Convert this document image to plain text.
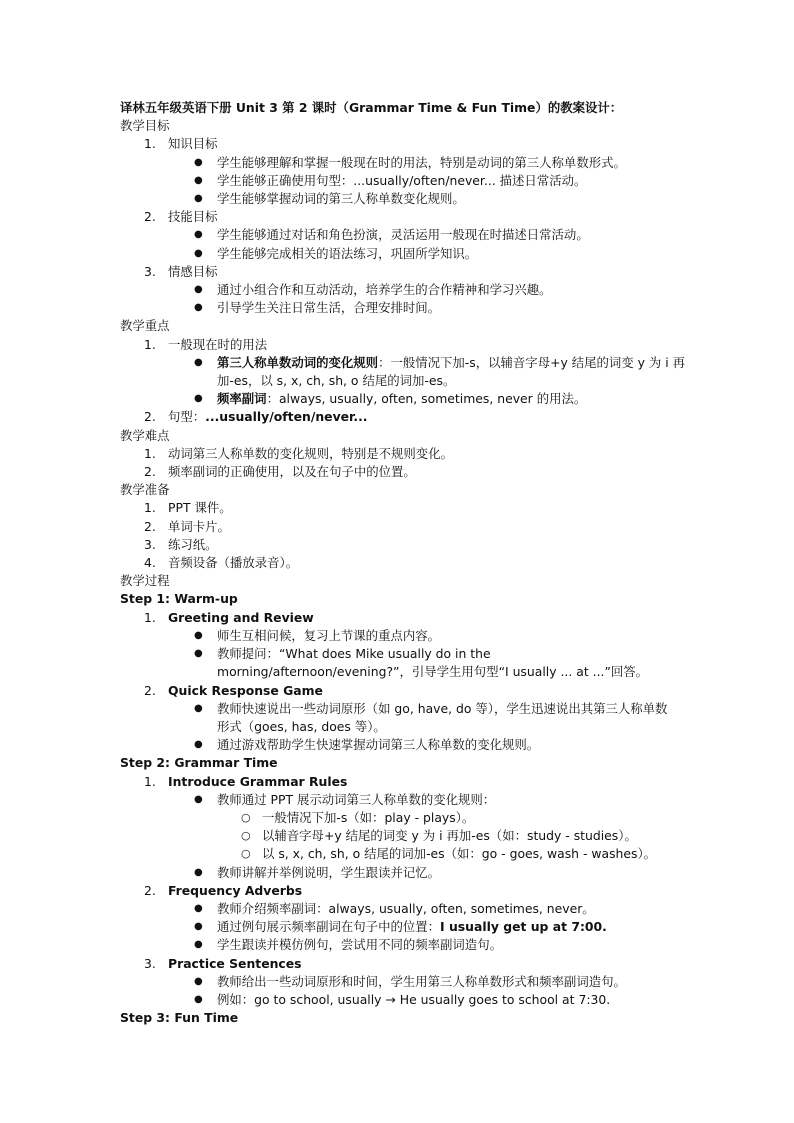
译林五年级英语下册 Unit 3 第 2 课时（Grammar Time & Fun Time）的教案设计：

教学目标

1. 知识目标

● 学生能够理解和掌握一般现在时的用法，特别是动词的第三人称单数形式。

● 学生能够正确使用句型：...usually/often/never... 描述日常活动。

● 学生能够掌握动词的第三人称单数变化规则。

2. 技能目标

● 学生能够通过对话和角色扮演，灵活运用一般现在时描述日常活动。

● 学生能够完成相关的语法练习，巩固所学知识。

3. 情感目标

● 通过小组合作和互动活动，培养学生的合作精神和学习兴趣。

● 引导学生关注日常生活，合理安排时间。

教学重点

1. 一般现在时的用法

● 第三人称单数动词的变化规则：一般情况下加-s，以辅音字母+y 结尾的词变 y 为 i 再加-es，以 s, x, ch, sh, o 结尾的词加-es。

● 频率副词：always, usually, often, sometimes, never 的用法。

2. 句型：...usually/often/never...

教学难点

1. 动词第三人称单数的变化规则，特别是不规则变化。

2. 频率副词的正确使用，以及在句子中的位置。

教学准备

1. PPT 课件。

2. 单词卡片。

3. 练习纸。

4. 音频设备（播放录音）。

教学过程

Step 1: Warm-up

1. Greeting and Review

● 师生互相问候，复习上节课的重点内容。

● 教师提问：“What does Mike usually do in the morning/afternoon/evening?”，引导学生用句型“I usually ... at ...”回答。

2. Quick Response Game

● 教师快速说出一些动词原形（如 go, have, do 等），学生迅速说出其第三人称单数形式（goes, has, does 等）。

● 通过游戏帮助学生快速掌握动词第三人称单数的变化规则。

Step 2: Grammar Time

1. Introduce Grammar Rules

● 教师通过 PPT 展示动词第三人称单数的变化规则：

○ 一般情况下加-s（如：play - plays）。

○ 以辅音字母+y 结尾的词变 y 为 i 再加-es（如：study - studies）。

○ 以 s, x, ch, sh, o 结尾的词加-es（如：go - goes, wash - washes）。

● 教师讲解并举例说明，学生跟读并记忆。

2. Frequency Adverbs

● 教师介绍频率副词：always, usually, often, sometimes, never。

● 通过例句展示频率副词在句子中的位置：I usually get up at 7:00.

● 学生跟读并模仿例句，尝试用不同的频率副词造句。

3. Practice Sentences

● 教师给出一些动词原形和时间，学生用第三人称单数形式和频率副词造句。

● 例如：go to school, usually → He usually goes to school at 7:30.

Step 3: Fun Time
